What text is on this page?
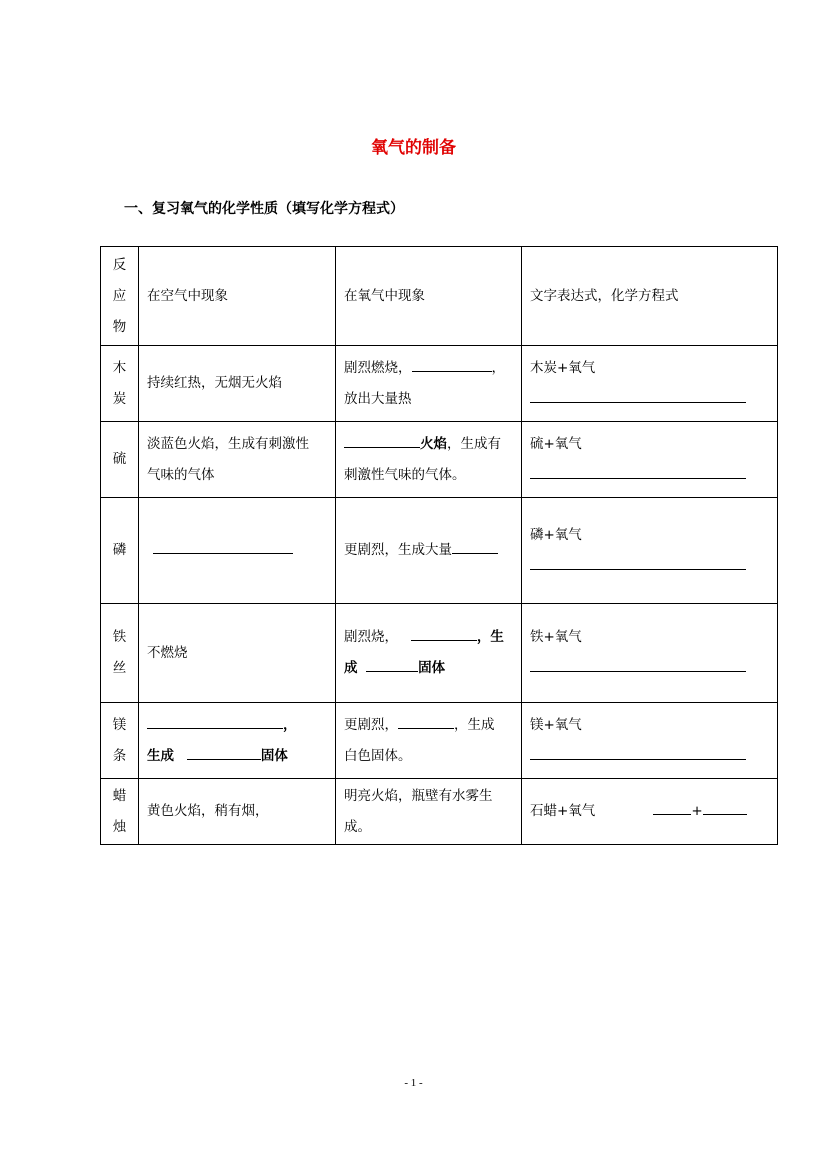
氧气的制备
一、复习氧气的化学性质（填写化学方程式）
反
应
物	在空气中现象	在氧气中现象	文字表达式，化学方程式

木
炭	持续红热，无烟无火焰	剧烈燃烧， ，
放出大量热	木炭+氧气

硫	淡蓝色火焰，生成有刺激性
气味的气体	火焰，生成有
刺激性气味的气体。	硫+氧气

磷		更剧烈，生成大量	磷+氧气

铁
丝	不燃烧	剧烈烧， ，生
成 固体	铁+氧气

镁
条	，
生成 固体	更剧烈， ，生成
白色固体。	镁+氧气

蜡
烛	黄色火焰，稍有烟，	明亮火焰，瓶壁有水雾生
成。	石蜡+氧气 +
- 1 -
